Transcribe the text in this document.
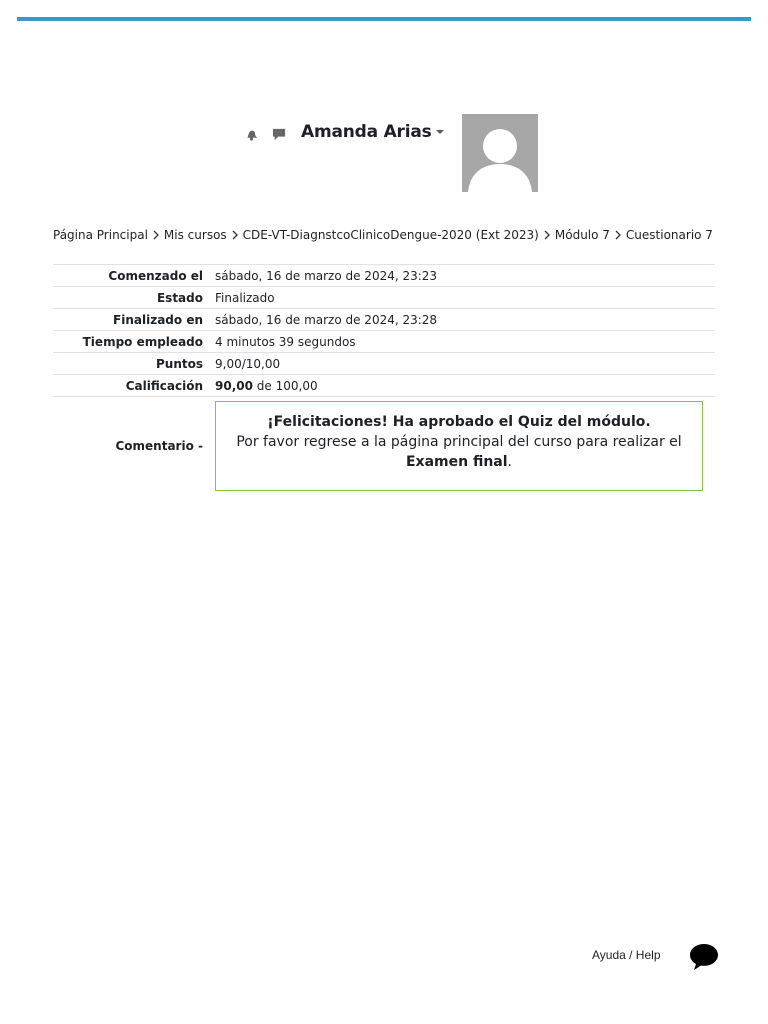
Amanda Arias
Página Principal Mis cursos CDE-VT-DiagnstcoClinicoDengue-2020 (Ext 2023) Módulo 7 Cuestionario 7
Comenzado el	sábado, 16 de marzo de 2024, 23:23
Estado	Finalizado
Finalizado en	sábado, 16 de marzo de 2024, 23:28
Tiempo empleado	4 minutos 39 segundos
Puntos	9,00/10,00
Calificación	90,00 de 100,00
Comentario -	¡Felicitaciones! Ha aprobado el Quiz del módulo.
Por favor regrese a la página principal del curso para realizar el
Examen final.
Ayuda / Help
